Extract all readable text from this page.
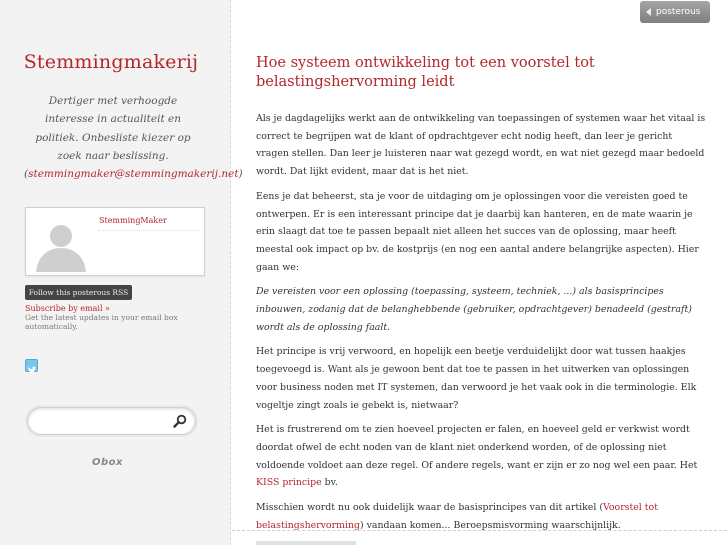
Stemmingmakerij
Dertiger met verhoogde interesse in actualiteit en politiek. Onbesliste kiezer op zoek naar beslissing. (stemmingmaker@stemmingmakerij.net)
StemmingMaker
Follow this posterous RSS
Subscribe by email »
Get the latest updates in your email box automatically.
Obox
posterous
Hoe systeem ontwikkeling tot een voorstel tot belastingshervorming leidt

Als je dagdagelijks werkt aan de ontwikkeling van toepassingen of systemen waar het vitaal is correct te begrijpen wat de klant of opdrachtgever echt nodig heeft, dan leer je gericht vragen stellen. Dan leer je luisteren naar wat gezegd wordt, en wat niet gezegd maar bedoeld wordt. Dat lijkt evident, maar dat is het niet.

Eens je dat beheerst, sta je voor de uitdaging om je oplossingen voor die vereisten goed te ontwerpen. Er is een interessant principe dat je daarbij kan hanteren, en de mate waarin je erin slaagt dat toe te passen bepaalt niet alleen het succes van de oplossing, maar heeft meestal ook impact op bv. de kostprijs (en nog een aantal andere belangrijke aspecten). Hier gaan we:

De vereisten voor een oplossing (toepassing, systeem, techniek, ...) als basisprincipes inbouwen, zodanig dat de belanghebbende (gebruiker, opdrachtgever) benadeeld (gestraft) wordt als de oplossing faalt.

Het principe is vrij verwoord, en hopelijk een beetje verduidelijkt door wat tussen haakjes toegevoegd is. Want als je gewoon bent dat toe te passen in het uitwerken van oplossingen voor business noden met IT systemen, dan verwoord je het vaak ook in die terminologie. Elk vogeltje zingt zoals ie gebekt is, nietwaar?

Het is frustrerend om te zien hoeveel projecten er falen, en hoeveel geld er verkwist wordt doordat ofwel de echt noden van de klant niet onderkend worden, of de oplossing niet voldoende voldoet aan deze regel. Of andere regels, want er zijn er zo nog wel een paar. Het KISS principe bv.

Misschien wordt nu ook duidelijk waar de basisprincipes van dit artikel (Voorstel tot belastingshervorming) vandaan komen... Beroepsmisvorming waarschijnlijk.
